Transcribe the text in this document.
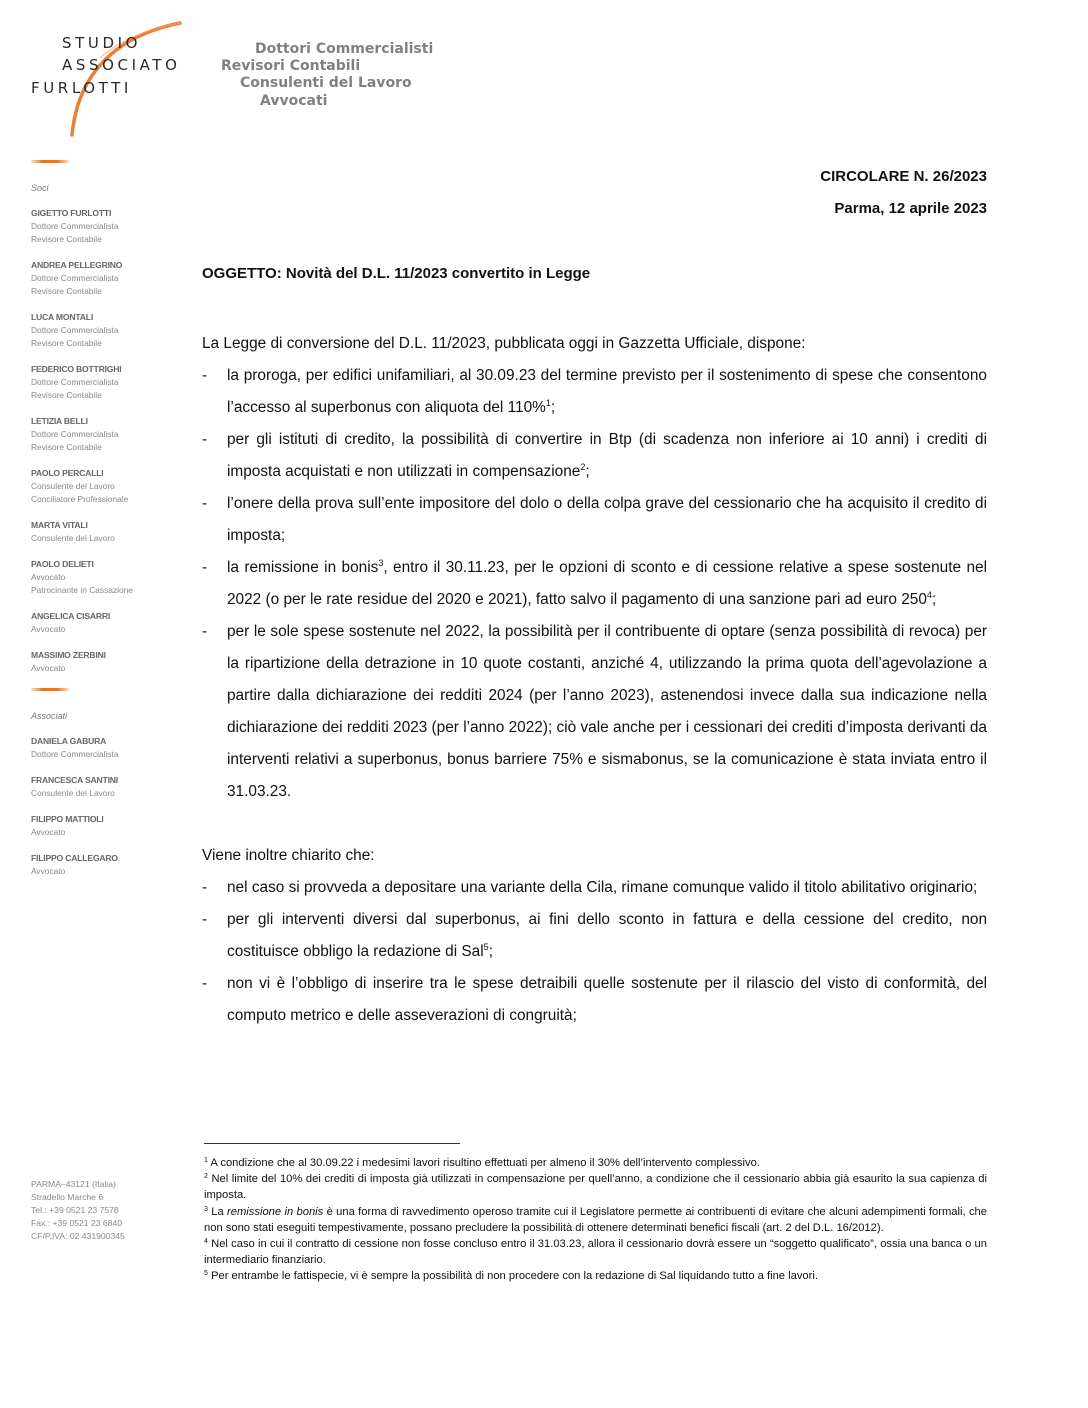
STUDIO
ASSOCIATO
FURLOTTI
Dottori Commercialisti
Revisori Contabili
Consulenti del Lavoro
Avvocati
Soci
GIGETTO FURLOTTI
Dottore Commercialista
Revisore Contabile
ANDREA PELLEGRINO
Dottore Commercialista
Revisore Contabile
LUCA MONTALI
Dottore Commercialista
Revisore Contabile
FEDERICO BOTTRIGHI
Dottore Commercialista
Revisore Contabile
LETIZIA BELLI
Dottore Commercialista
Revisore Contabile
PAOLO PERCALLI
Consulente del Lavoro
Conciliatore Professionale
MARTA VITALI
Consulente del Lavoro
PAOLO DELIETI
Avvocato
Patrocinante in Cassazione
ANGELICA CISARRI
Avvocato
MASSIMO ZERBINI
Avvocato
Associati
DANIELA GABURA
Dottore Commercialista
FRANCESCA SANTINI
Consulente del Lavoro
FILIPPO MATTIOLI
Avvocato
FILIPPO CALLEGARO
Avvocato
PARMA–43121 (Italia)
Stradello Marche 6
Tel.: +39 0521 23 7578
Fax.: +39 0521 23 6840
CF/P.IVA: 02 431900345
CIRCOLARE N. 26/2023
Parma, 12 aprile 2023
OGGETTO: Novità del D.L. 11/2023 convertito in Legge
La Legge di conversione del D.L. 11/2023, pubblicata oggi in Gazzetta Ufficiale, dispone:
- la proroga, per edifici unifamiliari, al 30.09.23 del termine previsto per il sostenimento di spese che consentono l’accesso al superbonus con aliquota del 110%$^1$;
- per gli istituti di credito, la possibilità di convertire in Btp (di scadenza non inferiore ai 10 anni) i crediti di imposta acquistati e non utilizzati in compensazione$^2$;
- l’onere della prova sull’ente impositore del dolo o della colpa grave del cessionario che ha acquisito il credito di imposta;
- la remissione in bonis$^3$, entro il 30.11.23, per le opzioni di sconto e di cessione relative a spese sostenute nel 2022 (o per le rate residue del 2020 e 2021), fatto salvo il pagamento di una sanzione pari ad euro $250^4$;
- per le sole spese sostenute nel 2022, la possibilità per il contribuente di optare (senza possibilità di revoca) per la ripartizione della detrazione in 10 quote costanti, anziché 4, utilizzando la prima quota dell’agevolazione a partire dalla dichiarazione dei redditi 2024 (per l’anno 2023), astenendosi invece dalla sua indicazione nella dichiarazione dei redditi 2023 (per l’anno 2022); ciò vale anche per i cessionari dei crediti d’imposta derivanti da interventi relativi a superbonus, bonus barriere 75% e sismabonus, se la comunicazione è stata inviata entro il 31.03.23.
Viene inoltre chiarito che:
- nel caso si provveda a depositare una variante della Cila, rimane comunque valido il titolo abilitativo originario;
- per gli interventi diversi dal superbonus, ai fini dello sconto in fattura e della cessione del credito, non costituisce obbligo la redazione di Sal$^5$;
- non vi è l’obbligo di inserire tra le spese detraibili quelle sostenute per il rilascio del visto di conformità, del computo metrico e delle asseverazioni di congruità;
$^1$ A condizione che al 30.09.22 i medesimi lavori risultino effettuati per almeno il 30% dell’intervento complessivo.
$^2$ Nel limite del 10% dei crediti di imposta già utilizzati in compensazione per quell’anno, a condizione che il cessionario abbia già esaurito la sua capienza di imposta.
$^3$ La remissione in bonis è una forma di ravvedimento operoso tramite cui il Legislatore permette ai contribuenti di evitare che alcuni adempimenti formali, che non sono stati eseguiti tempestivamente, possano precludere la possibilità di ottenere determinati benefici fiscali (art. 2 del D.L. 16/2012).
$^4$ Nel caso in cui il contratto di cessione non fosse concluso entro il 31.03.23, allora il cessionario dovrà essere un “soggetto qualificato”, ossia una banca o un intermediario finanziario.
$^5$ Per entrambe le fattispecie, vi è sempre la possibilità di non procedere con la redazione di Sal liquidando tutto a fine lavori.
